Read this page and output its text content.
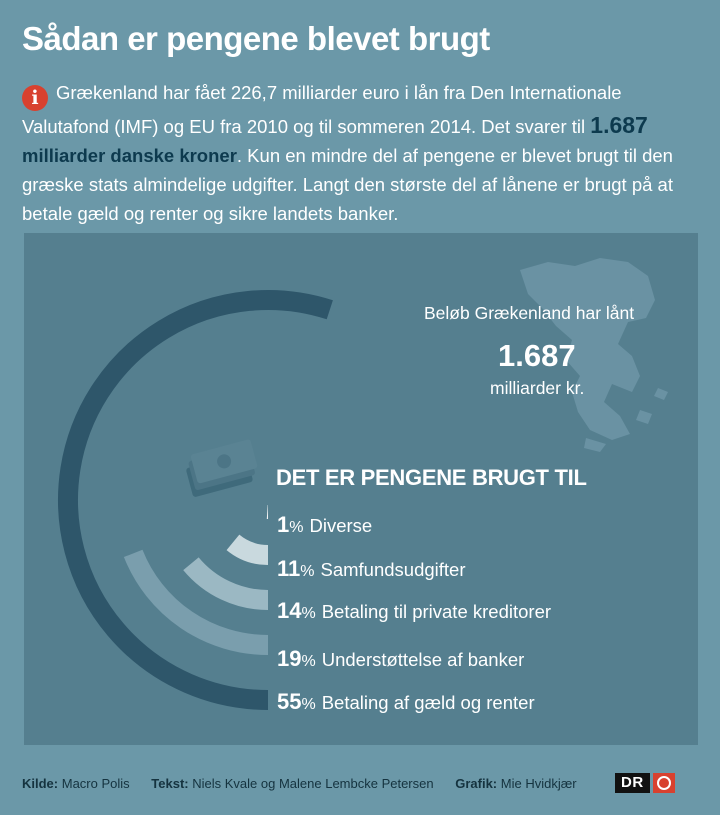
Sådan er pengene blevet brugt
i Grækenland har fået 226,7 milliarder euro i lån fra Den Internationale Valutafond (IMF) og EU fra 2010 og til sommeren 2014. Det svarer til 1.687 milliarder danske kroner. Kun en mindre del af pengene er blevet brugt til den græske stats almindelige udgifter. Langt den største del af lånene er brugt på at betale gæld og renter og sikre landets banker.
Beløb Grækenland har lånt
1.687
milliarder kr.
DET ER PENGENE BRUGT TIL
1% Diverse
11% Samfundsudgifter
14% Betaling til private kreditorer
19% Understøttelse af banker
55% Betaling af gæld og renter
Kilde: Macro Polis Tekst: Niels Kvale og Malene Lembcke Petersen Grafik: Mie Hvidkjær	DR
